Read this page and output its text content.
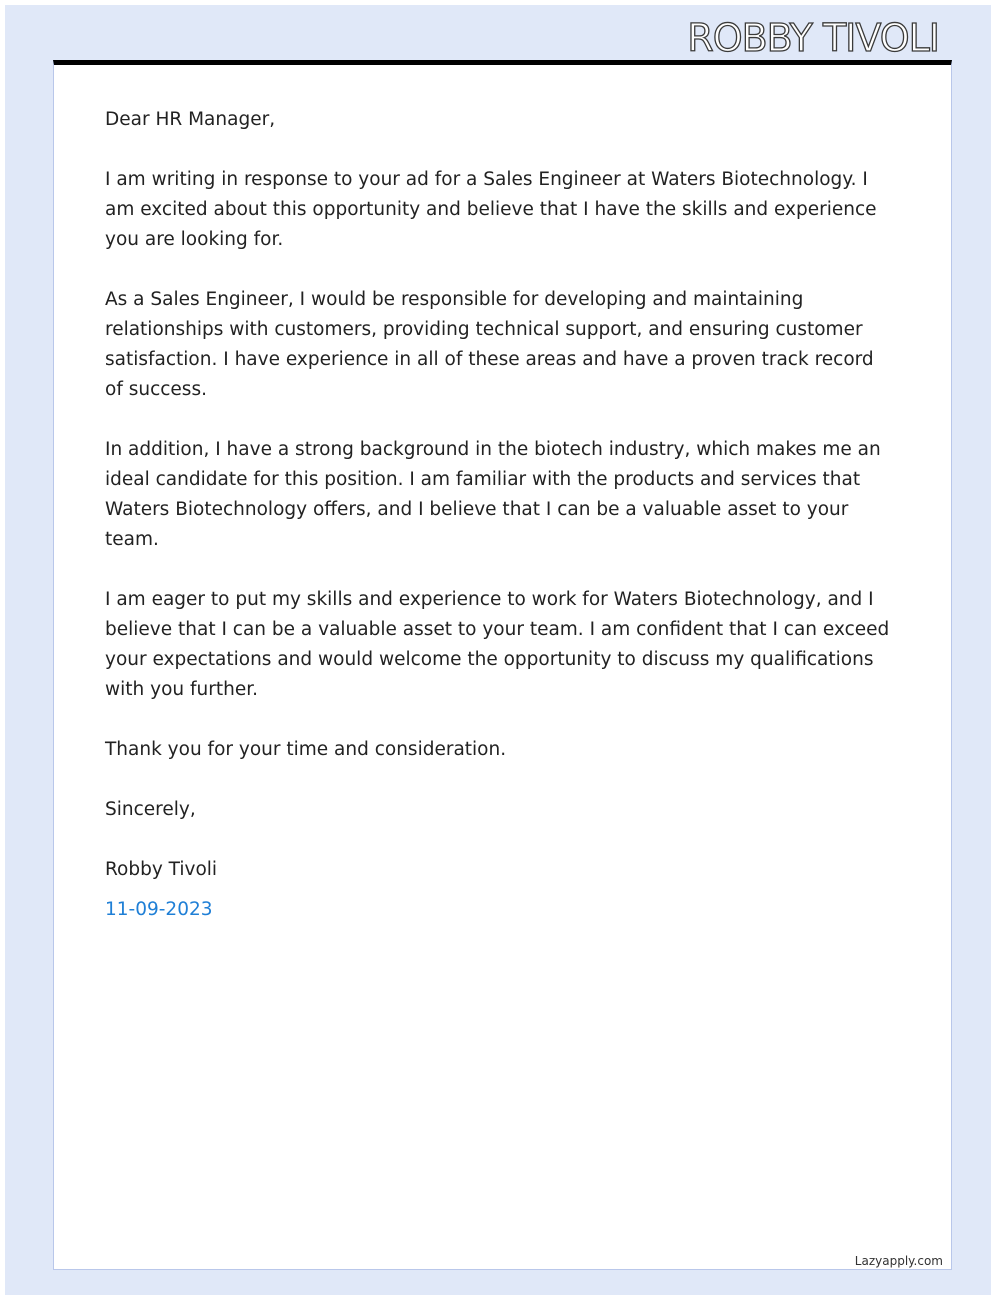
ROBBY TIVOLI

Dear HR Manager,

I am writing in response to your ad for a Sales Engineer at Waters Biotechnology. I am excited about this opportunity and believe that I have the skills and experience you are looking for.

As a Sales Engineer, I would be responsible for developing and maintaining relationships with customers, providing technical support, and ensuring customer satisfaction. I have experience in all of these areas and have a proven track record of success.

In addition, I have a strong background in the biotech industry, which makes me an ideal candidate for this position. I am familiar with the products and services that Waters Biotechnology offers, and I believe that I can be a valuable asset to your team.

I am eager to put my skills and experience to work for Waters Biotechnology, and I believe that I can be a valuable asset to your team. I am confident that I can exceed your expectations and would welcome the opportunity to discuss my qualifications with you further.

Thank you for your time and consideration.

Sincerely,

Robby Tivoli

11-09-2023

Lazyapply.com
